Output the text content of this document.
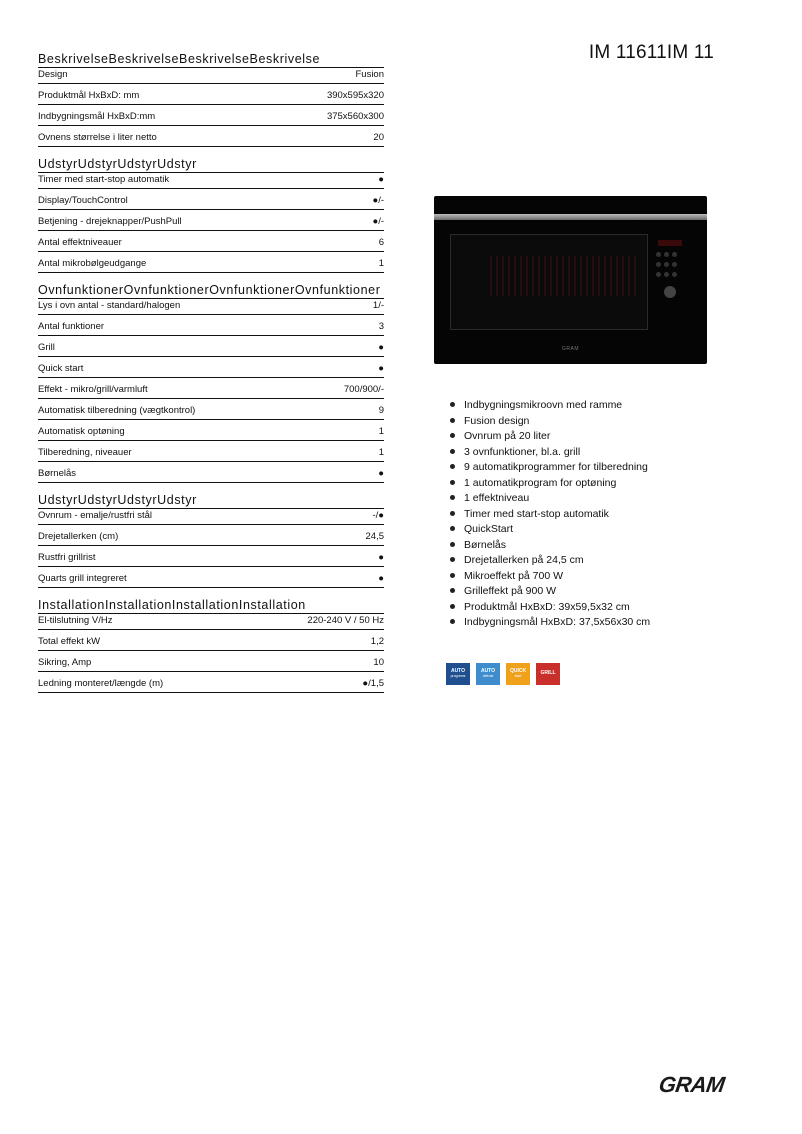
IM 11611IM 11
BeskrivelseBeskrivelseBeskrivelseBeskrivelse
Design	Fusion
Produktmål HxBxD: mm	390x595x320
Indbygningsmål HxBxD:mm	375x560x300
Ovnens størrelse i liter netto	20
UdstyrUdstyrUdstyrUdstyr
Timer med start-stop automatik	●
Display/TouchControl	●/-
Betjening - drejeknapper/PushPull	●/-
Antal effektniveauer	6
Antal mikrobølgeudgange	1
OvnfunktionerOvnfunktionerOvnfunktionerOvnfunktioner
Lys i ovn antal - standard/halogen	1/-
Antal funktioner	3
Grill	●
Quick start	●
Effekt - mikro/grill/varmluft	700/900/-
Automatisk tilberedning (vægtkontrol)	9
Automatisk optøning	1
Tilberedning, niveauer	1
Børnelås	●
UdstyrUdstyrUdstyrUdstyr
Ovnrum - emalje/rustfri stål	-/●
Drejetallerken (cm)	24,5
Rustfri grillrist	●
Quarts grill integreret	●
InstallationInstallationInstallationInstallation
El-tilslutning V/Hz	220-240 V / 50 Hz
Total effekt kW	1,2
Sikring, Amp	10
Ledning monteret/længde (m)	●/1,5
GRAM
Indbygningsmikroovn med ramme
Fusion design
Ovnrum på 20 liter
3 ovnfunktioner, bl.a. grill
9 automatikprogrammer for tilberedning
1 automatikprogram for optøning
1 effektniveau
Timer med start-stop automatik
QuickStart
Børnelås
Drejetallerken på 24,5 cm
Mikroeffekt på 700 W
Grilleffekt på 900 W
Produktmål HxBxD: 39x59,5x32 cm
Indbygningsmål HxBxD: 37,5x56x30 cm
AUTO
programs
AUTO
defrost
QUICK
start	GRILL
GRAM
